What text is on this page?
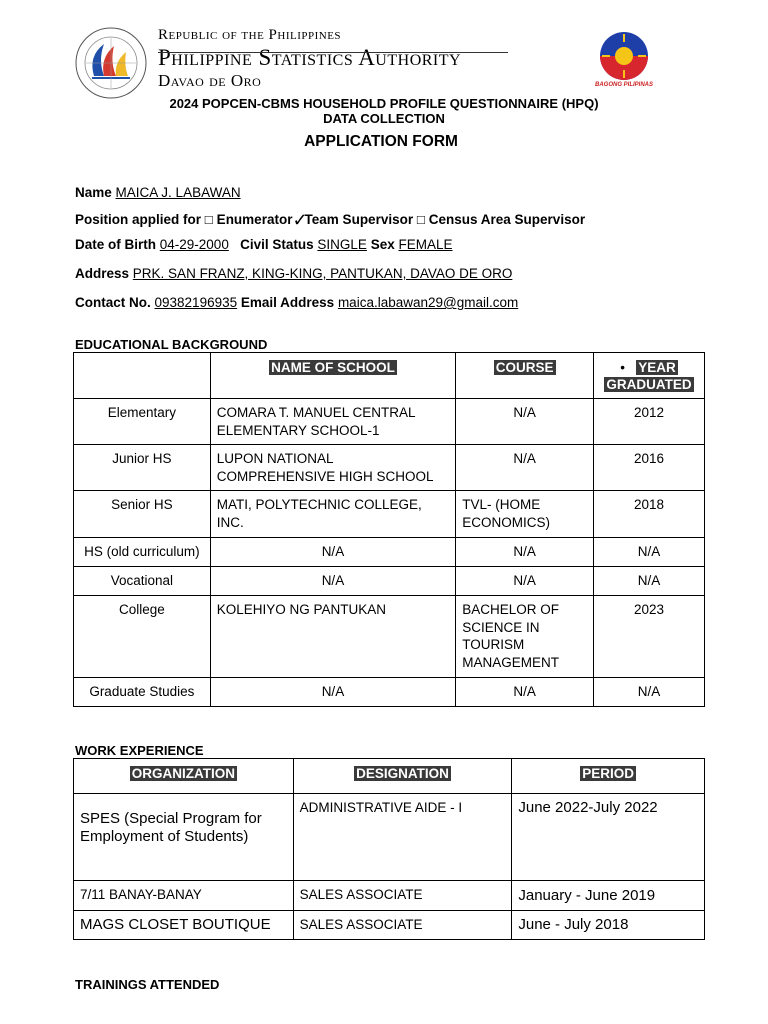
Republic of the Philippines
Philippine Statistics Authority
Davao de Oro	BAGONG PILIPINAS
2024 POPCEN-CBMS HOUSEHOLD PROFILE QUESTIONNAIRE (HPQ)
DATA COLLECTION
APPLICATION FORM
Name MAICA J. LABAWAN
Position applied for □ Enumerator✓Team Supervisor □ Census Area Supervisor
Date of Birth 04-29-2000 Civil Status SINGLE Sex FEMALE
Address PRK. SAN FRANZ, KING-KING, PANTUKAN, DAVAO DE ORO
Contact No. 09382196935 Email Address maica.labawan29@gmail.com
EDUCATIONAL BACKGROUND
	NAME OF SCHOOL	COURSE	• YEAR
GRADUATED
Elementary	COMARA T. MANUEL CENTRAL ELEMENTARY SCHOOL-1	N/A	2012
Junior HS	LUPON NATIONAL COMPREHENSIVE HIGH SCHOOL	N/A	2016
Senior HS	MATI, POLYTECHNIC COLLEGE, INC.	TVL- (HOME ECONOMICS)	2018
HS (old curriculum)	N/A	N/A	N/A
Vocational	N/A	N/A	N/A
College	KOLEHIYO NG PANTUKAN	BACHELOR OF SCIENCE IN TOURISM MANAGEMENT	2023
Graduate Studies	N/A	N/A	N/A
WORK EXPERIENCE
ORGANIZATION	DESIGNATION	PERIOD
SPES (Special Program for Employment of Students)	ADMINISTRATIVE AIDE - I	June 2022-July 2022
7/11 BANAY-BANAY	SALES ASSOCIATE	January - June 2019
MAGS CLOSET BOUTIQUE	SALES ASSOCIATE	June - July 2018
TRAININGS ATTENDED
